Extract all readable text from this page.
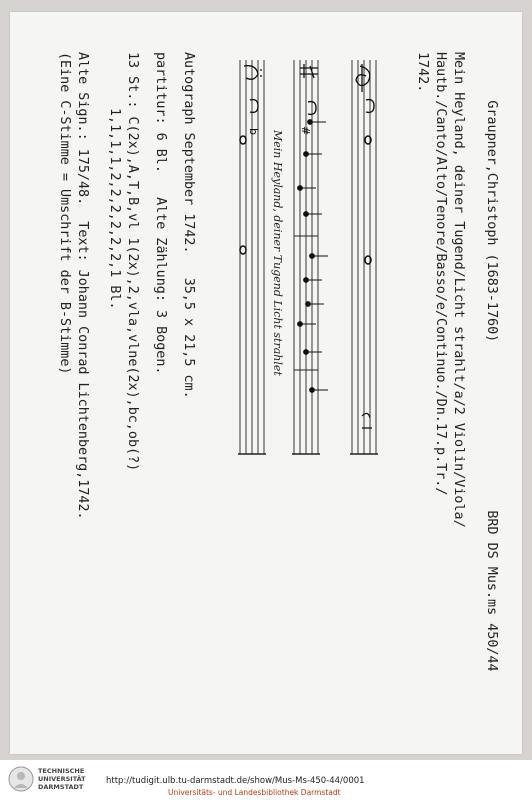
Graupner,Christoph (1683-1760)

BRD DS Mus.ms 450/44

Mein Heyland, deiner Tugend/Licht strahlt/a/2 Violin/Viola/
Hautb./Canto/Alto/Tenore/Basso/e/Continuo./Dn.17.p.Tr./
1742.
#
b Mein Heyland, deiner Tugend Licht strahlet
Autograph September 1742.   35,5 x 21,5 cm.
partitur: 6 Bl.   Alte Zählung: 3 Bogen.
13 St.: C(2x),A,T,B,vl 1(2x),2,vla,vlne(2x),bc,ob(?)
1,1,1,1,2,2,2,2,2,2,1 Bl.
Alte Sign.: 175/48.  Text: Johann Conrad Lichtenberg,1742.
(Eine C-Stimme = Umschrift der B-Stimme)
TECHNISCHE
UNIVERSITÄT
DARMSTADT
http://tudigit.ulb.tu-darmstadt.de/show/Mus-Ms-450-44/0001
Universitäts- und Landesbibliothek Darmstadt
